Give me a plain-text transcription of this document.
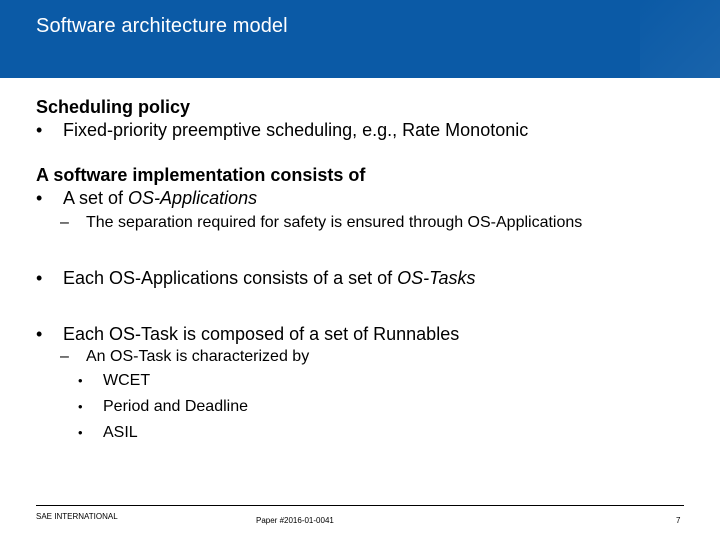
Software architecture model
Scheduling policy
• Fixed-priority preemptive scheduling, e.g., Rate Monotonic
A software implementation consists of
• A set of OS-Applications
– The separation required for safety is ensured through OS-Applications
• Each OS-Applications consists of a set of OS-Tasks
• Each OS-Task is composed of a set of Runnables
– An OS-Task is characterized by
• WCET
• Period and Deadline
• ASIL
SAE INTERNATIONAL	Paper #2016-01-0041	7
